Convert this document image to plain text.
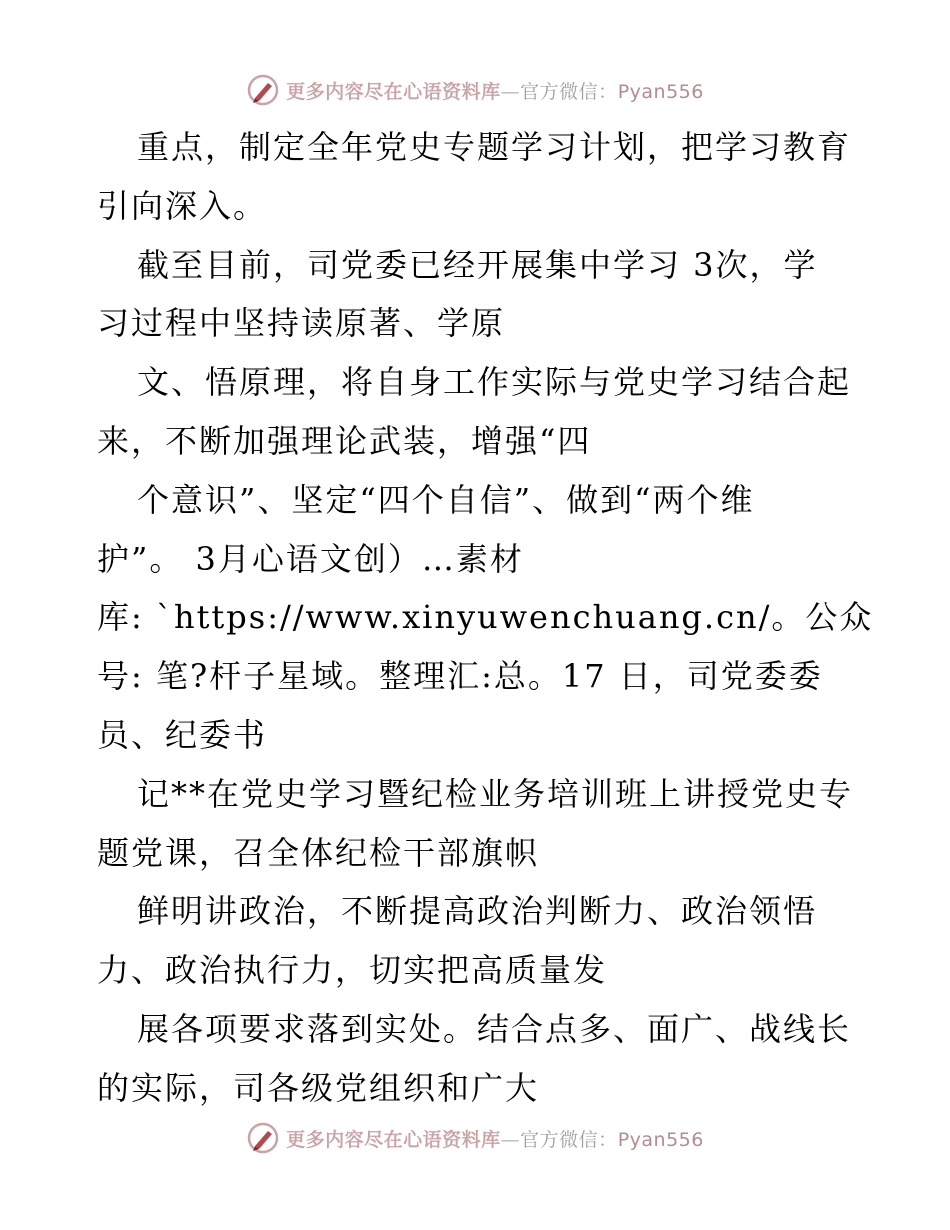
更多内容尽在心语资料库—官方微信：Pyan556

重点，制定全年党史专题学习计划，把学习教育
引向深入。

截至目前，司党委已经开展集中学习 3次，学
习过程中坚持读原著、学原

文、悟原理，将自身工作实际与党史学习结合起
来，不断加强理论武装，增强“四

个意识”、坚定“四个自信”、做到“两个维
护”。 3月心语文创）…素材
库: `https://www.xinyuwenchuang.cn/。公众
号: 笔?杆子星域。整理汇:总。17 日，司党委委
员、纪委书

记**在党史学习暨纪检业务培训班上讲授党史专
题党课，召全体纪检干部旗帜

鲜明讲政治，不断提高政治判断力、政治领悟
力、政治执行力，切实把高质量发

展各项要求落到实处。结合点多、面广、战线长
的实际，司各级党组织和广大

更多内容尽在心语资料库—官方微信：Pyan556
